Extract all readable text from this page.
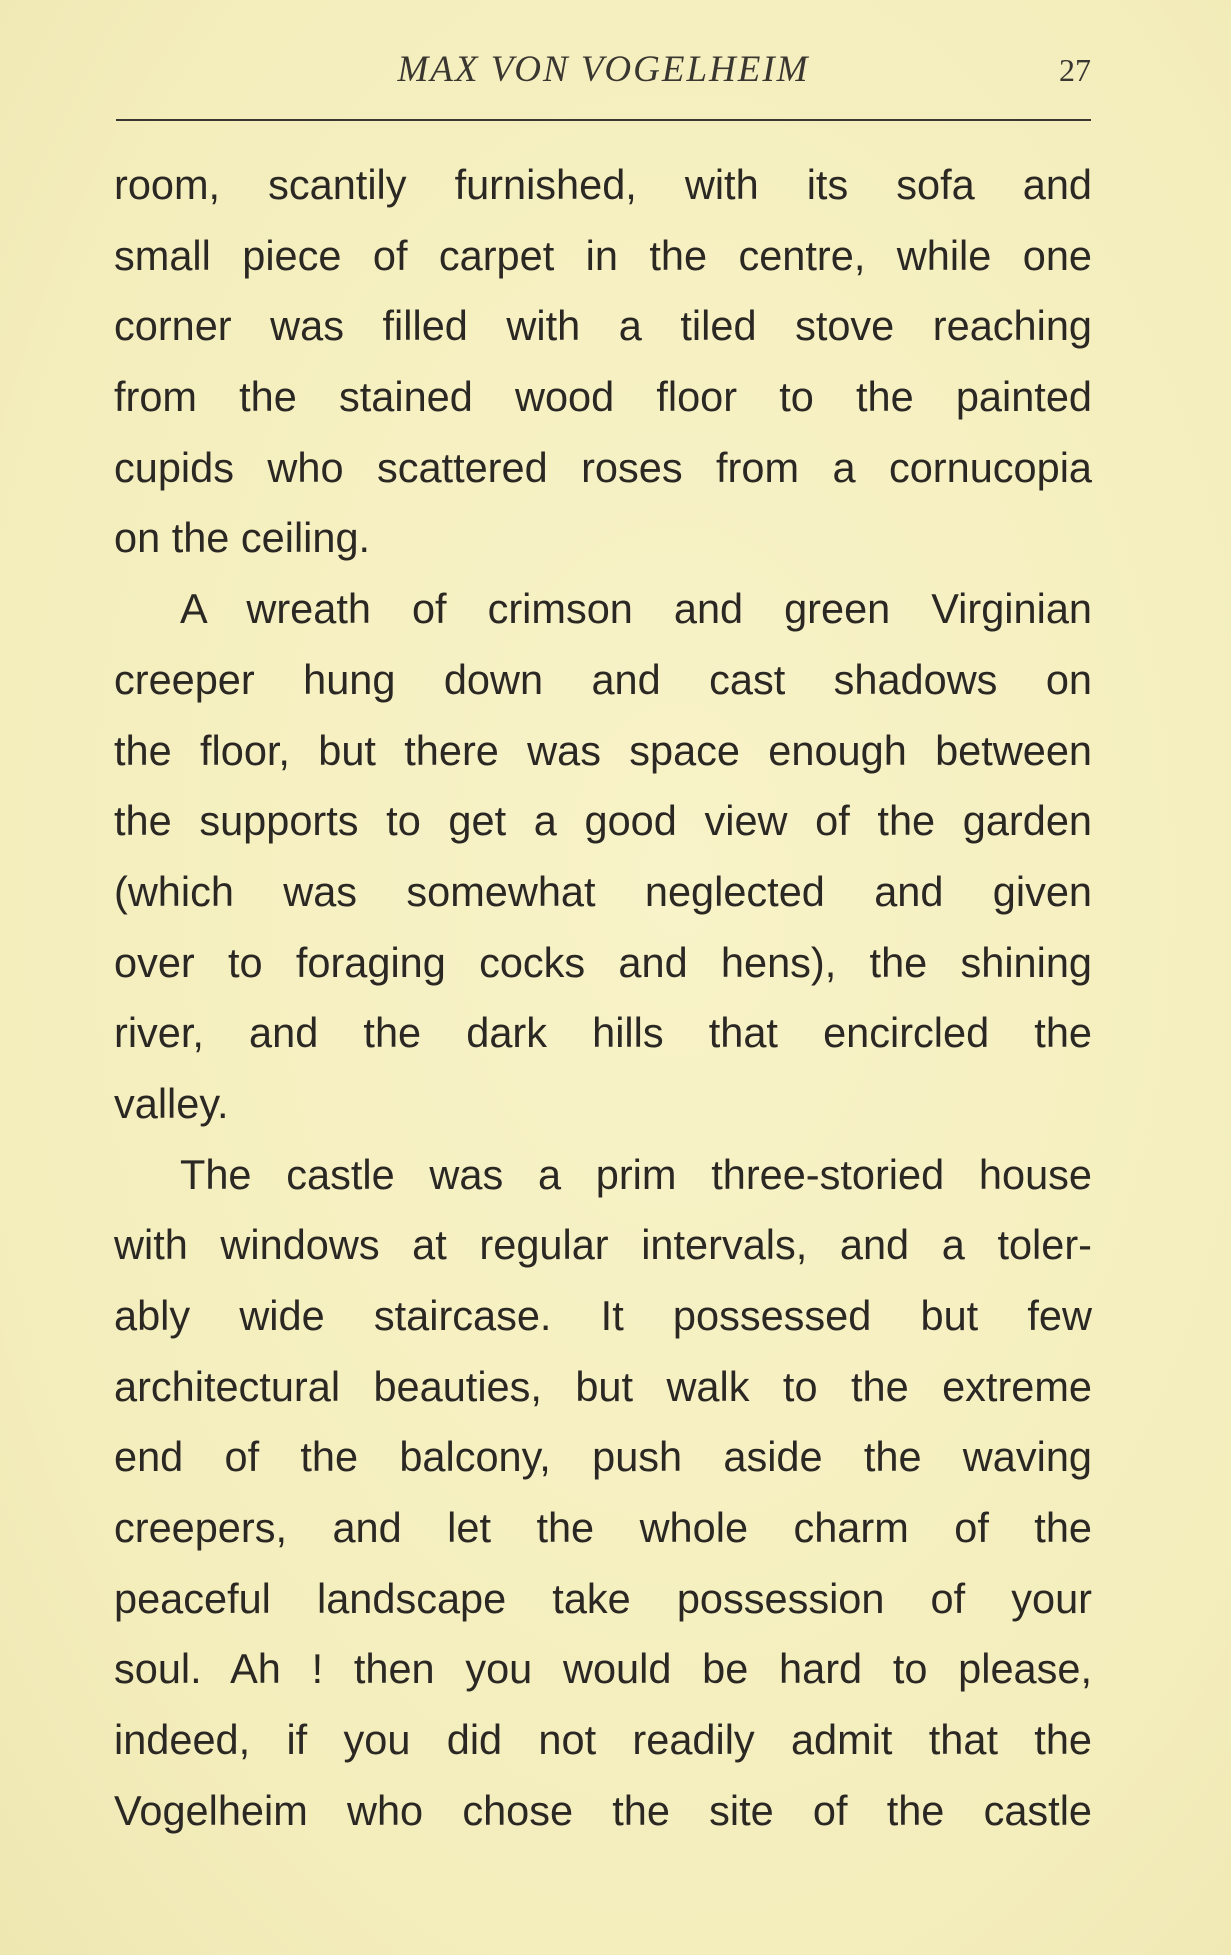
MAX VON VOGELHEIM	27
room, scantily furnished, with its sofa and
small piece of carpet in the centre, while one
corner was filled with a tiled stove reaching
from the stained wood floor to the painted
cupids who scattered roses from a cornucopia
on the ceiling.
A wreath of crimson and green Virginian
creeper hung down and cast shadows on
the floor, but there was space enough between
the supports to get a good view of the garden
(which was somewhat neglected and given
over to foraging cocks and hens), the shining
river, and the dark hills that encircled the
valley.
The castle was a prim three-storied house
with windows at regular intervals, and a toler-
ably wide staircase. It possessed but few
architectural beauties, but walk to the extreme
end of the balcony, push aside the waving
creepers, and let the whole charm of the
peaceful landscape take possession of your
soul. Ah ! then you would be hard to please,
indeed, if you did not readily admit that the
Vogelheim who chose the site of the castle
